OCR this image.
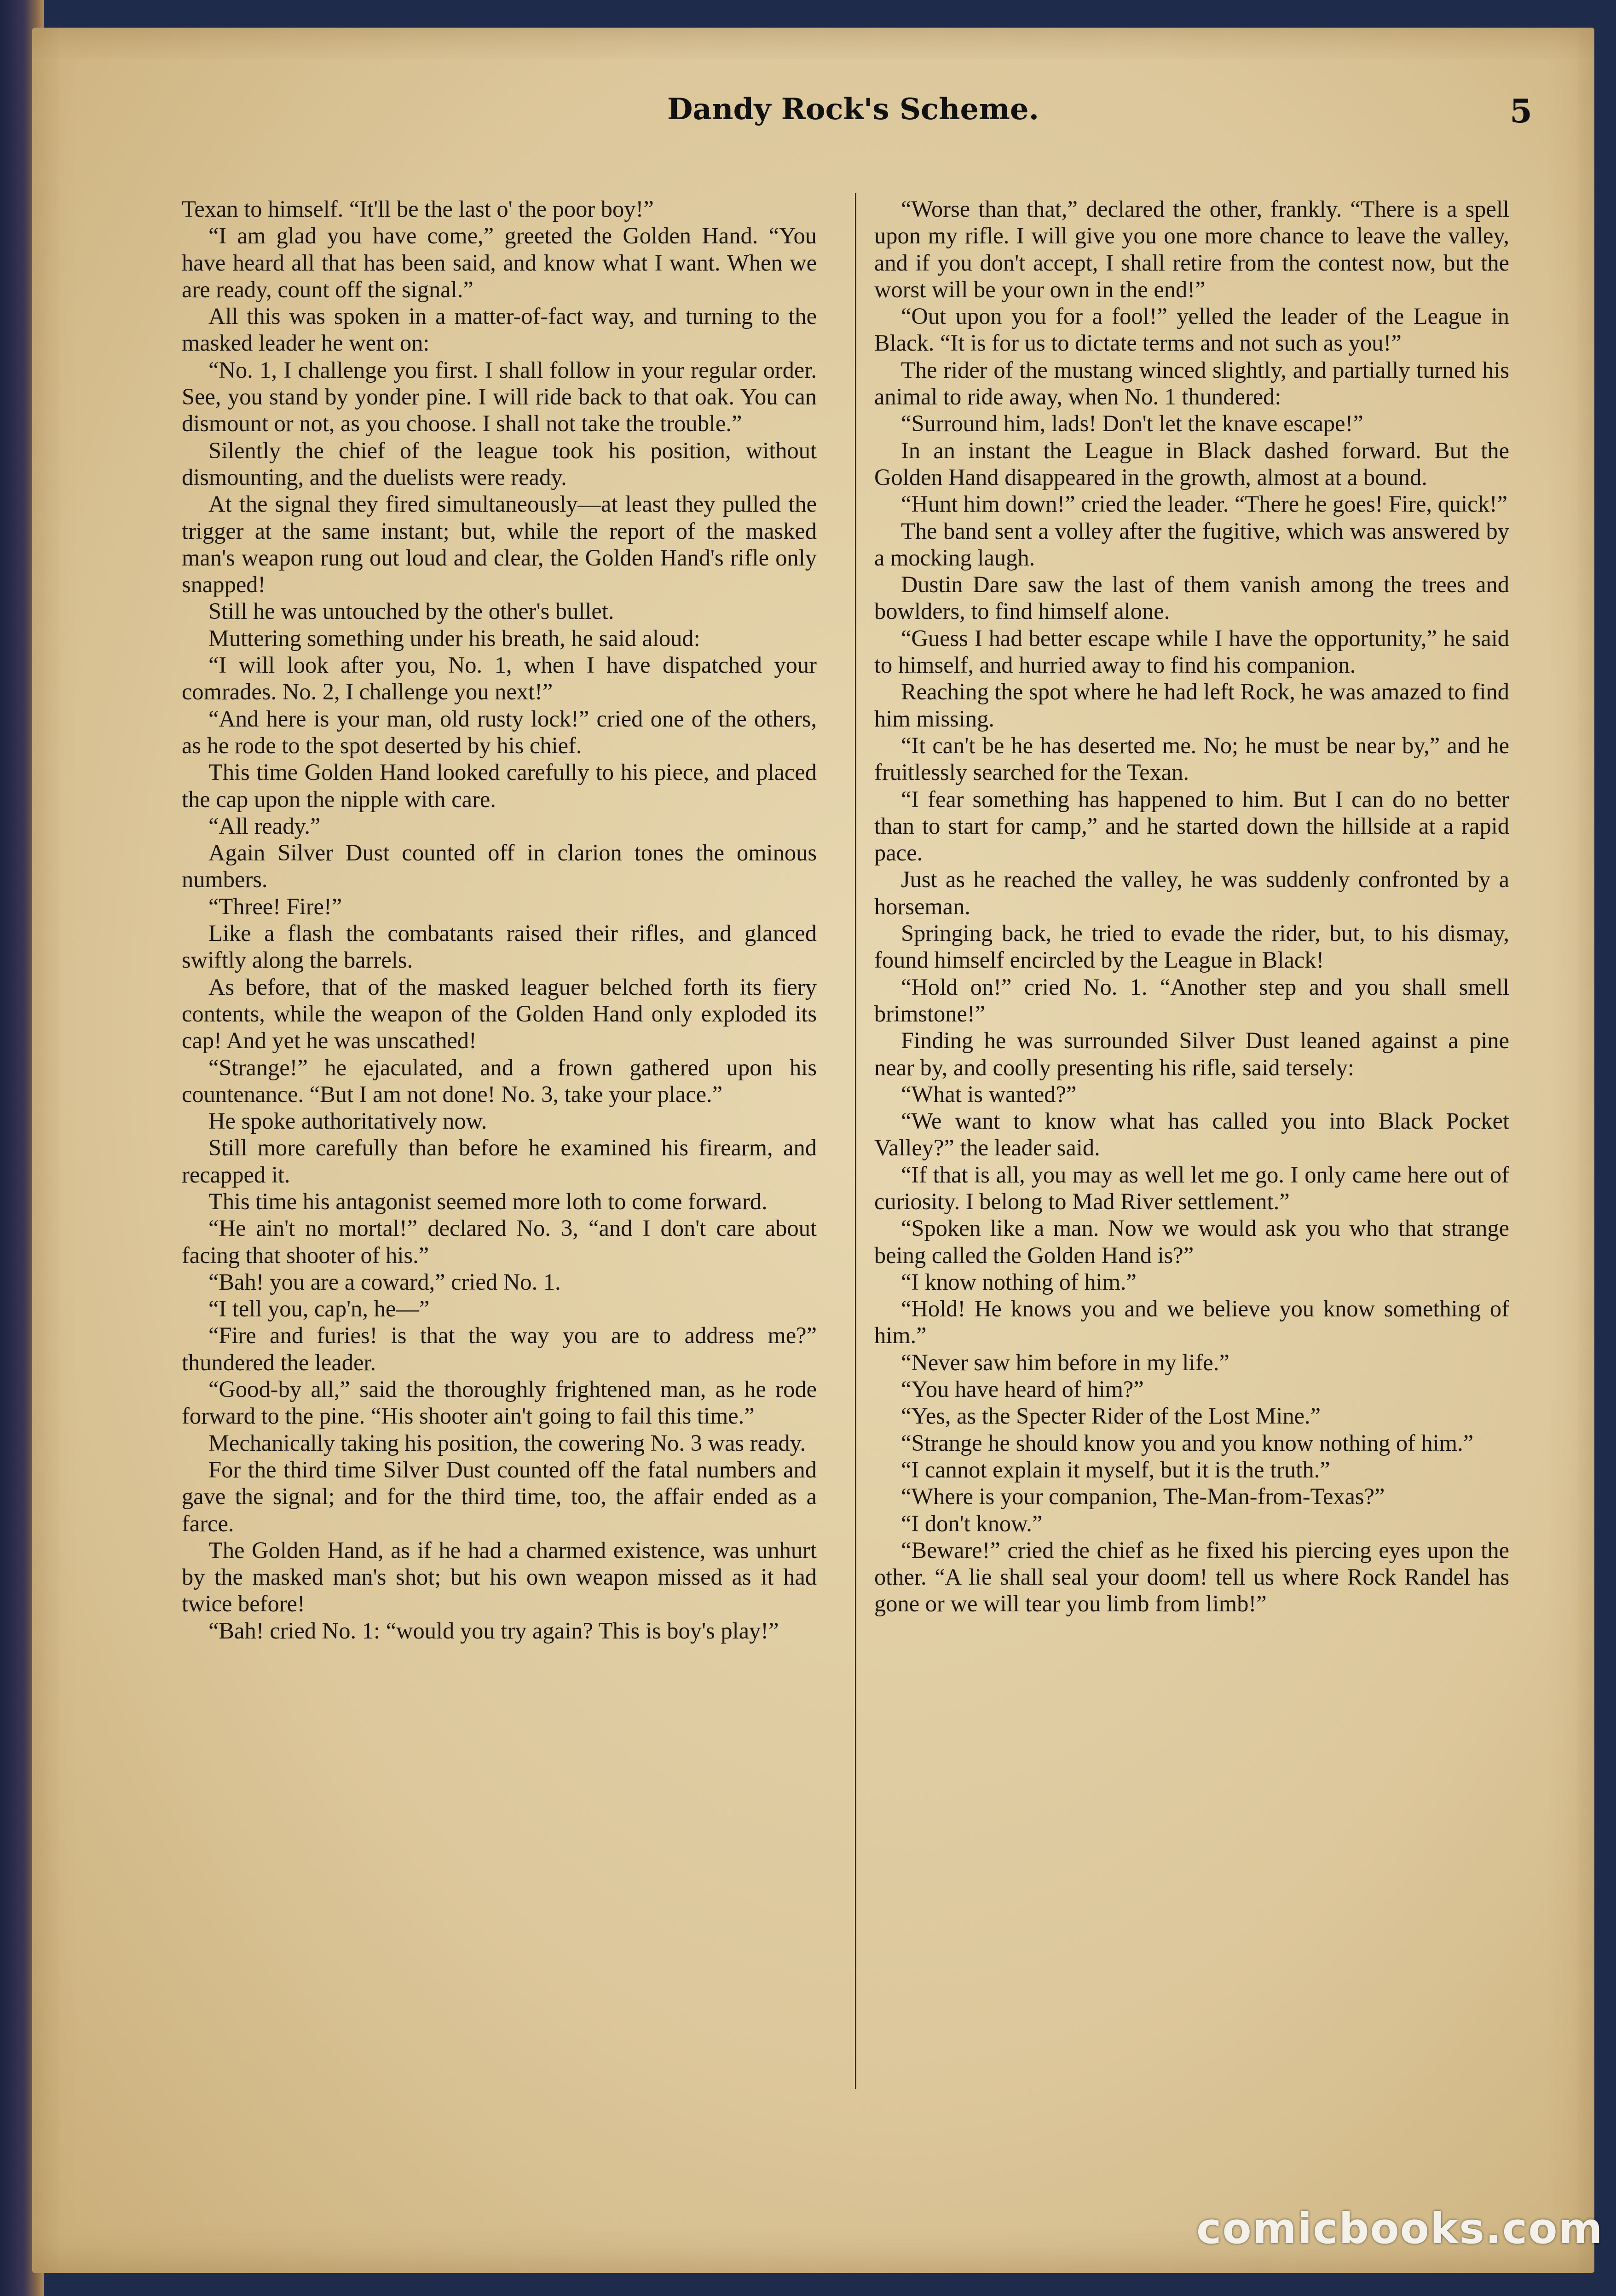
Dandy Rock's Scheme.	5

Texan to himself. “It'll be the last o' the poor boy!”

“I am glad you have come,” greeted the Golden Hand. “You have heard all that has been said, and know what I want. When we are ready, count off the signal.”

All this was spoken in a matter-of-fact way, and turning to the masked leader he went on:

“No. 1, I challenge you first. I shall follow in your regular order. See, you stand by yonder pine. I will ride back to that oak. You can dismount or not, as you choose. I shall not take the trouble.”

Silently the chief of the league took his position, without dismounting, and the duelists were ready.

At the signal they fired simultaneously—at least they pulled the trigger at the same instant; but, while the report of the masked man's weapon rung out loud and clear, the Golden Hand's rifle only snapped!

Still he was untouched by the other's bullet.

Muttering something under his breath, he said aloud:

“I will look after you, No. 1, when I have dispatched your comrades. No. 2, I challenge you next!”

“And here is your man, old rusty lock!” cried one of the others, as he rode to the spot deserted by his chief.

This time Golden Hand looked carefully to his piece, and placed the cap upon the nipple with care.

“All ready.”

Again Silver Dust counted off in clarion tones the ominous numbers.

“Three! Fire!”

Like a flash the combatants raised their rifles, and glanced swiftly along the barrels.

As before, that of the masked leaguer belched forth its fiery contents, while the weapon of the Golden Hand only exploded its cap! And yet he was unscathed!

“Strange!” he ejaculated, and a frown gathered upon his countenance. “But I am not done! No. 3, take your place.”

He spoke authoritatively now.

Still more carefully than before he examined his firearm, and recapped it.

This time his antagonist seemed more loth to come forward.

“He ain't no mortal!” declared No. 3, “and I don't care about facing that shooter of his.”

“Bah! you are a coward,” cried No. 1.

“I tell you, cap'n, he—”

“Fire and furies! is that the way you are to address me?” thundered the leader.

“Good-by all,” said the thoroughly frightened man, as he rode forward to the pine. “His shooter ain't going to fail this time.”

Mechanically taking his position, the cowering No. 3 was ready.

For the third time Silver Dust counted off the fatal numbers and gave the signal; and for the third time, too, the affair ended as a farce.

The Golden Hand, as if he had a charmed existence, was unhurt by the masked man's shot; but his own weapon missed as it had twice before!

“Bah! cried No. 1: “would you try again? This is boy's play!”

“Worse than that,” declared the other, frankly. “There is a spell upon my rifle. I will give you one more chance to leave the valley, and if you don't accept, I shall retire from the contest now, but the worst will be your own in the end!”

“Out upon you for a fool!” yelled the leader of the League in Black. “It is for us to dictate terms and not such as you!”

The rider of the mustang winced slightly, and partially turned his animal to ride away, when No. 1 thundered:

“Surround him, lads! Don't let the knave escape!”

In an instant the League in Black dashed forward. But the Golden Hand disappeared in the growth, almost at a bound.

“Hunt him down!” cried the leader. “There he goes! Fire, quick!”

The band sent a volley after the fugitive, which was answered by a mocking laugh.

Dustin Dare saw the last of them vanish among the trees and bowlders, to find himself alone.

“Guess I had better escape while I have the opportunity,” he said to himself, and hurried away to find his companion.

Reaching the spot where he had left Rock, he was amazed to find him missing.

“It can't be he has deserted me. No; he must be near by,” and he fruitlessly searched for the Texan.

“I fear something has happened to him. But I can do no better than to start for camp,” and he started down the hillside at a rapid pace.

Just as he reached the valley, he was suddenly confronted by a horseman.

Springing back, he tried to evade the rider, but, to his dismay, found himself encircled by the League in Black!

“Hold on!” cried No. 1. “Another step and you shall smell brimstone!”

Finding he was surrounded Silver Dust leaned against a pine near by, and coolly presenting his rifle, said tersely:

“What is wanted?”

“We want to know what has called you into Black Pocket Valley?” the leader said.

“If that is all, you may as well let me go. I only came here out of curiosity. I belong to Mad River settlement.”

“Spoken like a man. Now we would ask you who that strange being called the Golden Hand is?”

“I know nothing of him.”

“Hold! He knows you and we believe you know something of him.”

“Never saw him before in my life.”

“You have heard of him?”

“Yes, as the Specter Rider of the Lost Mine.”

“Strange he should know you and you know nothing of him.”

“I cannot explain it myself, but it is the truth.”

“Where is your companion, The-Man-from-Texas?”

“I don't know.”

“Beware!” cried the chief as he fixed his piercing eyes upon the other. “A lie shall seal your doom! tell us where Rock Randel has gone or we will tear you limb from limb!”

comicbooks.com
